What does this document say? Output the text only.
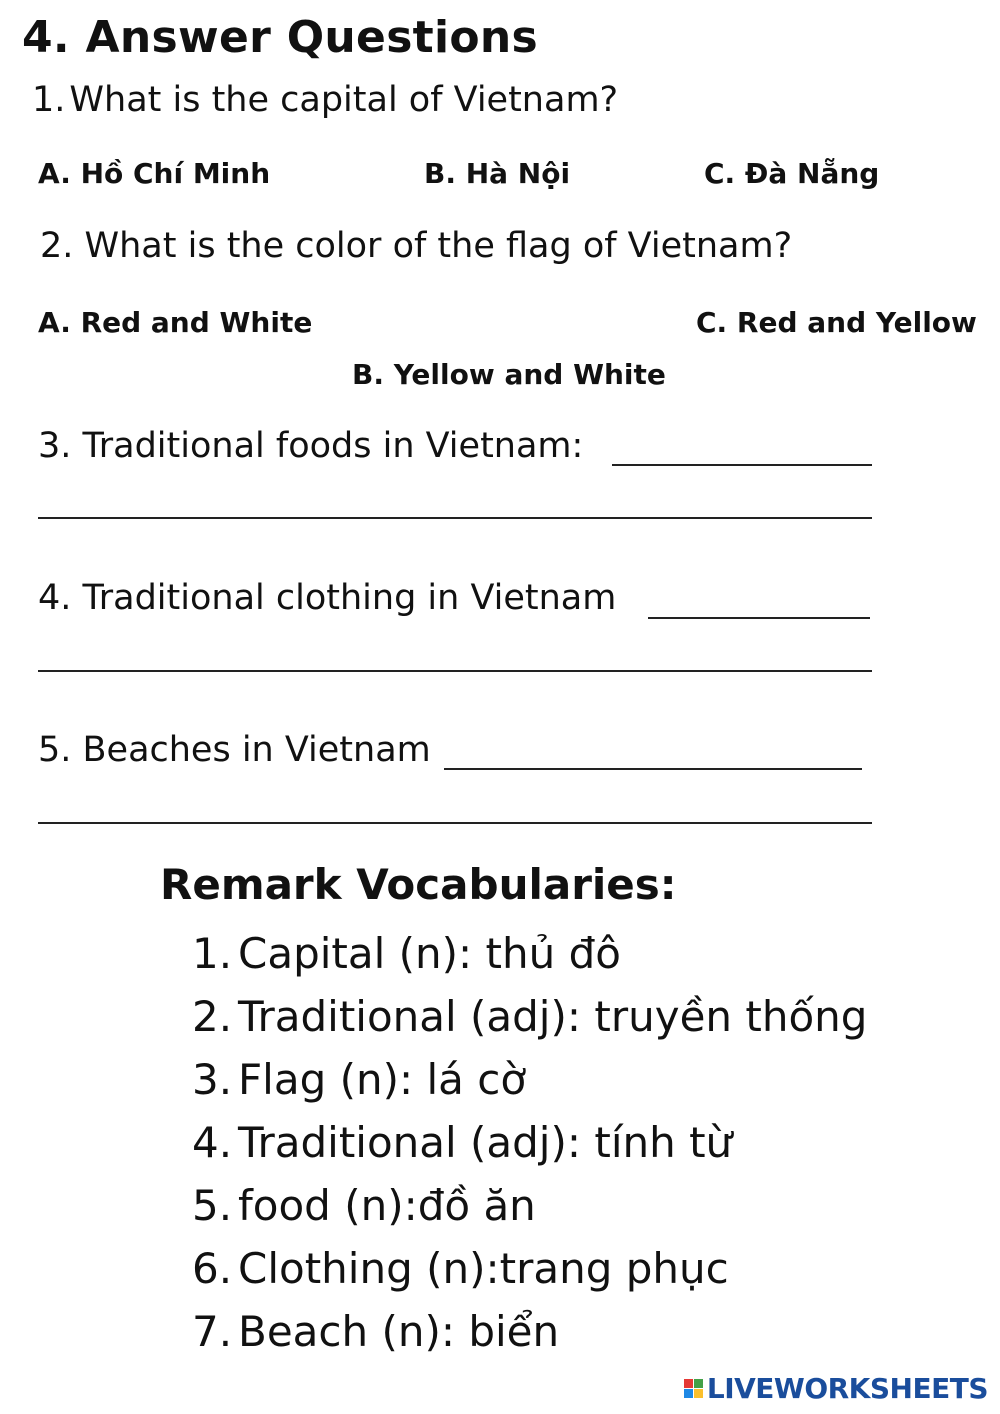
4. Answer Questions
1. What is the capital of Vietnam?
A. Hồ Chí Minh	B. Hà Nội	C. Đà Nẵng
2. What is the color of the flag of Vietnam?
A. Red and White	C. Red and Yellow
B. Yellow and White
3. Traditional foods in Vietnam:
4. Traditional clothing in Vietnam
5. Beaches in Vietnam
Remark Vocabularies:
1. Capital (n): thủ đô
2. Traditional (adj): truyền thống
3. Flag (n): lá cờ
4. Traditional (adj): tính từ
5. food (n):đồ ăn
6. Clothing (n):trang phục
7. Beach (n): biển
LIVEWORKSHEETS
